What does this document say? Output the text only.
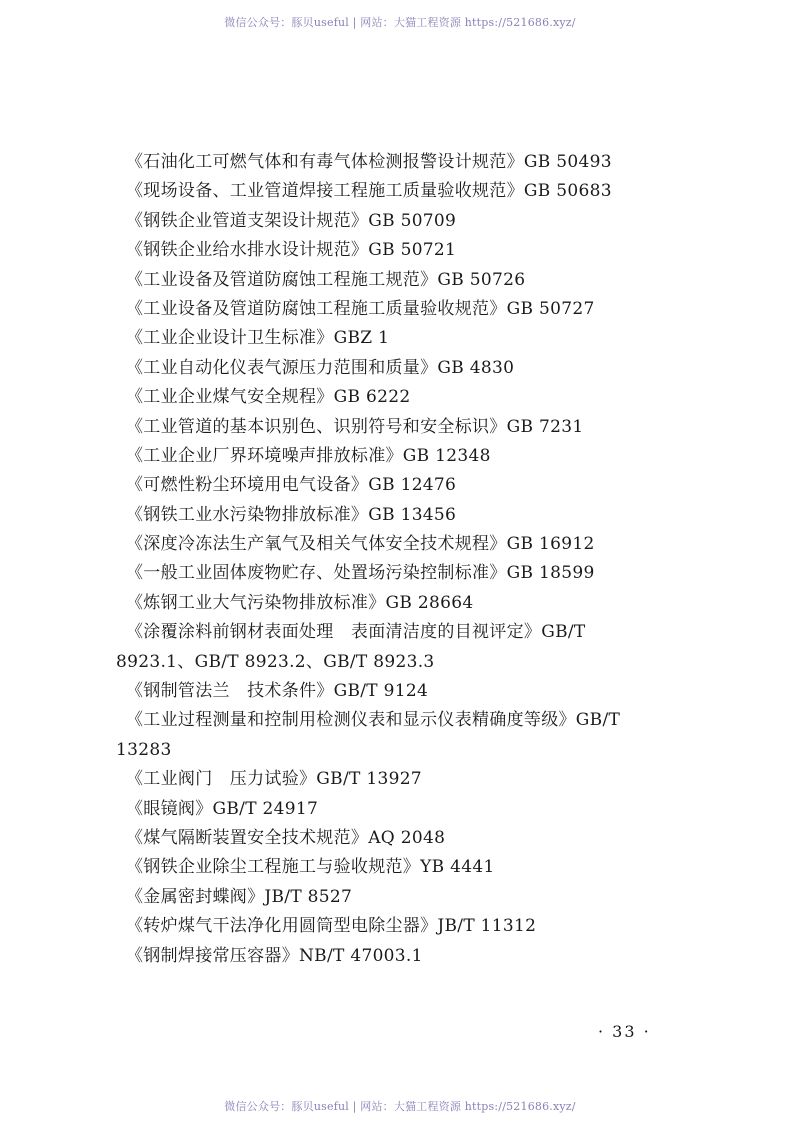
微信公众号：豚贝useful | 网站：大猫工程资源 https://521686.xyz/
《石油化工可燃气体和有毒气体检测报警设计规范》GB 50493
《现场设备、工业管道焊接工程施工质量验收规范》GB 50683
《钢铁企业管道支架设计规范》GB 50709
《钢铁企业给水排水设计规范》GB 50721
《工业设备及管道防腐蚀工程施工规范》GB 50726
《工业设备及管道防腐蚀工程施工质量验收规范》GB 50727
《工业企业设计卫生标准》GBZ 1
《工业自动化仪表气源压力范围和质量》GB 4830
《工业企业煤气安全规程》GB 6222
《工业管道的基本识别色、识别符号和安全标识》GB 7231
《工业企业厂界环境噪声排放标准》GB 12348
《可燃性粉尘环境用电气设备》GB 12476
《钢铁工业水污染物排放标准》GB 13456
《深度冷冻法生产氧气及相关气体安全技术规程》GB 16912
《一般工业固体废物贮存、处置场污染控制标准》GB 18599
《炼钢工业大气污染物排放标准》GB 28664
《涂覆涂料前钢材表面处理　表面清洁度的目视评定》GB/T
8923.1、GB/T 8923.2、GB/T 8923.3
《钢制管法兰　技术条件》GB/T 9124
《工业过程测量和控制用检测仪表和显示仪表精确度等级》GB/T
13283
《工业阀门　压力试验》GB/T 13927
《眼镜阀》GB/T 24917
《煤气隔断装置安全技术规范》AQ 2048
《钢铁企业除尘工程施工与验收规范》YB 4441
《金属密封蝶阀》JB/T 8527
《转炉煤气干法净化用圆筒型电除尘器》JB/T 11312
《钢制焊接常压容器》NB/T 47003.1
· 33 ·
微信公众号：豚贝useful | 网站：大猫工程资源 https://521686.xyz/
